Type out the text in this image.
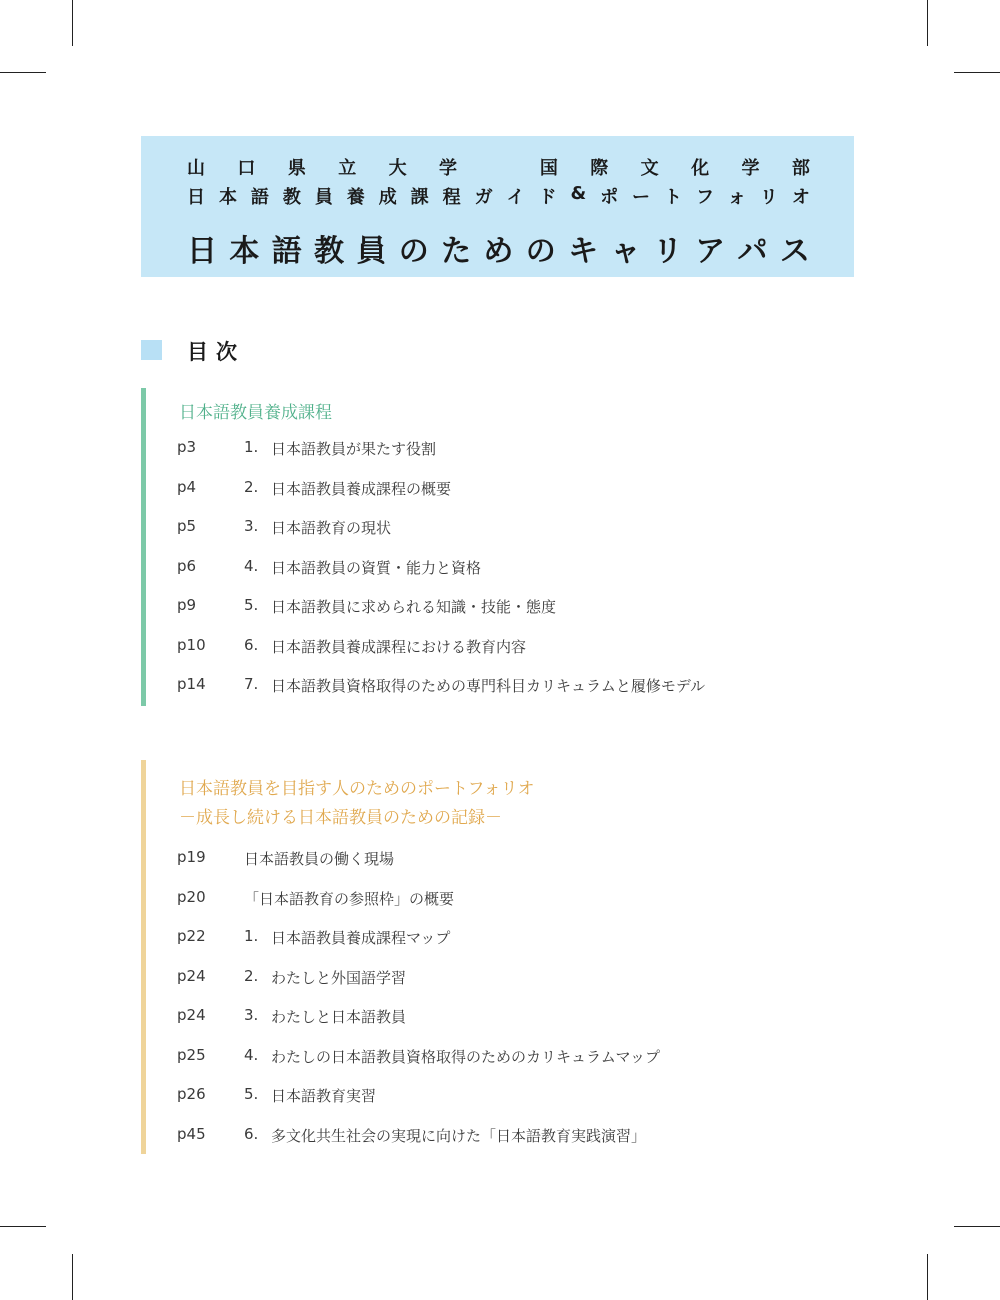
山 口 県 立 大 学	国 際 文 化 学 部
日 本 語 教 員 養 成 課 程 ガ イ ド & ポ ー ト フ ォ リ オ
日 本 語 教 員 の た め の キ ャ リ ア パ ス
目次
日本語教員養成課程
p3	1. 日本語教員が果たす役割
p4	2. 日本語教員養成課程の概要
p5	3. 日本語教育の現状
p6	4. 日本語教員の資質・能力と資格
p9	5. 日本語教員に求められる知識・技能・態度
p10	6. 日本語教員養成課程における教育内容
p14	7. 日本語教員資格取得のための専門科目カリキュラムと履修モデル
日本語教員を目指す人のためのポートフォリオ
－成長し続ける日本語教員のための記録－
p19	日本語教員の働く現場
p20	「日本語教育の参照枠」の概要
p22	1. 日本語教員養成課程マップ
p24	2. わたしと外国語学習
p24	3. わたしと日本語教員
p25	4. わたしの日本語教員資格取得のためのカリキュラムマップ
p26	5. 日本語教育実習
p45	6. 多文化共生社会の実現に向けた「日本語教育実践演習」
